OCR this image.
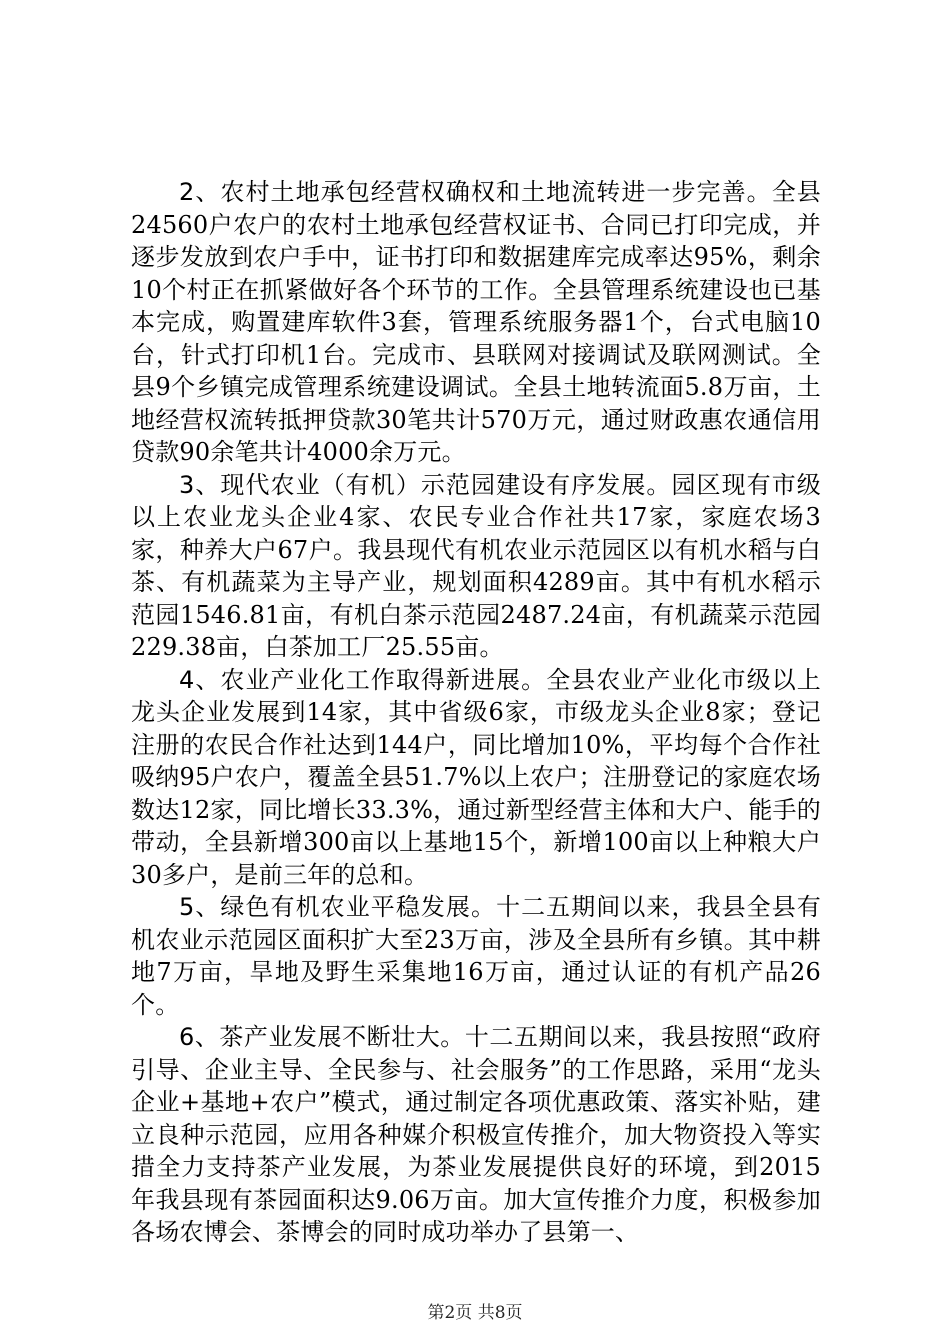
2、农村土地承包经营权确权和土地流转进一步完善。全县24560户农户的农村土地承包经营权证书、合同已打印完成，并逐步发放到农户手中，证书打印和数据建库完成率达95%，剩余10个村正在抓紧做好各个环节的工作。全县管理系统建设也已基本完成，购置建库软件3套，管理系统服务器1个，台式电脑10台，针式打印机1台。完成市、县联网对接调试及联网测试。全县9个乡镇完成管理系统建设调试。全县土地转流面5.8万亩，土地经营权流转抵押贷款30笔共计570万元，通过财政惠农通信用贷款90余笔共计4000余万元。

3、现代农业（有机）示范园建设有序发展。园区现有市级以上农业龙头企业4家、农民专业合作社共17家，家庭农场3家，种养大户67户。我县现代有机农业示范园区以有机水稻与白茶、有机蔬菜为主导产业，规划面积4289亩。其中有机水稻示范园1546.81亩，有机白茶示范园2487.24亩，有机蔬菜示范园229.38亩，白茶加工厂25.55亩。

4、农业产业化工作取得新进展。全县农业产业化市级以上龙头企业发展到14家，其中省级6家，市级龙头企业8家；登记注册的农民合作社达到144户，同比增加10%，平均每个合作社吸纳95户农户，覆盖全县51.7%以上农户；注册登记的家庭农场数达12家，同比增长33.3%，通过新型经营主体和大户、能手的带动，全县新增300亩以上基地15个，新增100亩以上种粮大户30多户，是前三年的总和。

5、绿色有机农业平稳发展。十二五期间以来，我县全县有机农业示范园区面积扩大至23万亩，涉及全县所有乡镇。其中耕地7万亩，旱地及野生采集地16万亩，通过认证的有机产品26个。

6、茶产业发展不断壮大。十二五期间以来，我县按照“政府引导、企业主导、全民参与、社会服务”的工作思路，采用“龙头企业+基地+农户”模式，通过制定各项优惠政策、落实补贴，建立良种示范园，应用各种媒介积极宣传推介，加大物资投入等实措全力支持茶产业发展，为茶业发展提供良好的环境，到2015年我县现有茶园面积达9.06万亩。加大宣传推介力度，积极参加各场农博会、茶博会的同时成功举办了县第一、

第2页 共8页
